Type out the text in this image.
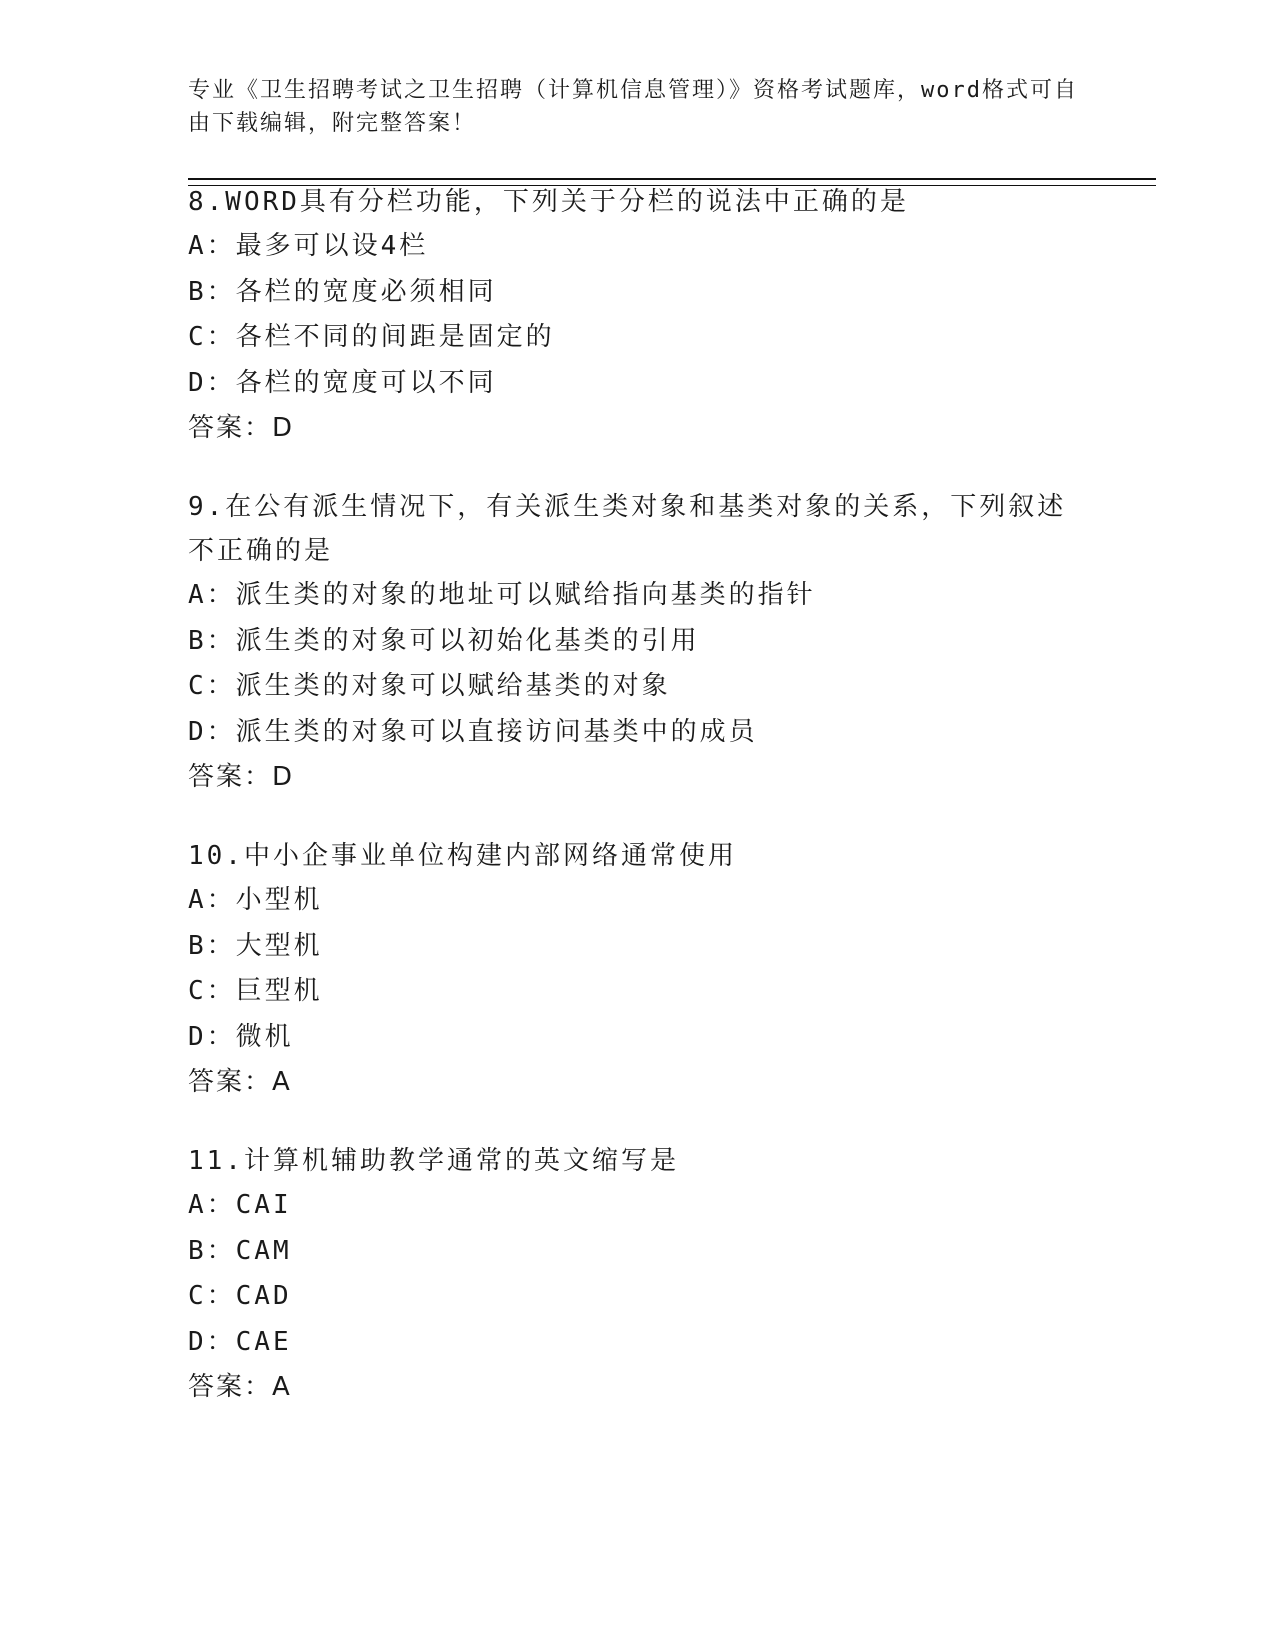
专业《卫生招聘考试之卫生招聘（计算机信息管理）》资格考试题库，word格式可自由下载编辑，附完整答案！

8.WORD具有分栏功能，下列关于分栏的说法中正确的是

A：最多可以设4栏

B：各栏的宽度必须相同

C：各栏不同的间距是固定的

D：各栏的宽度可以不同

答案：D

9.在公有派生情况下，有关派生类对象和基类对象的关系，下列叙述不正确的是

A：派生类的对象的地址可以赋给指向基类的指针

B：派生类的对象可以初始化基类的引用

C：派生类的对象可以赋给基类的对象

D：派生类的对象可以直接访问基类中的成员

答案：D

10.中小企事业单位构建内部网络通常使用

A：小型机

B：大型机

C：巨型机

D：微机

答案：A

11.计算机辅助教学通常的英文缩写是

A：CAI

B：CAM

C：CAD

D：CAE

答案：A
